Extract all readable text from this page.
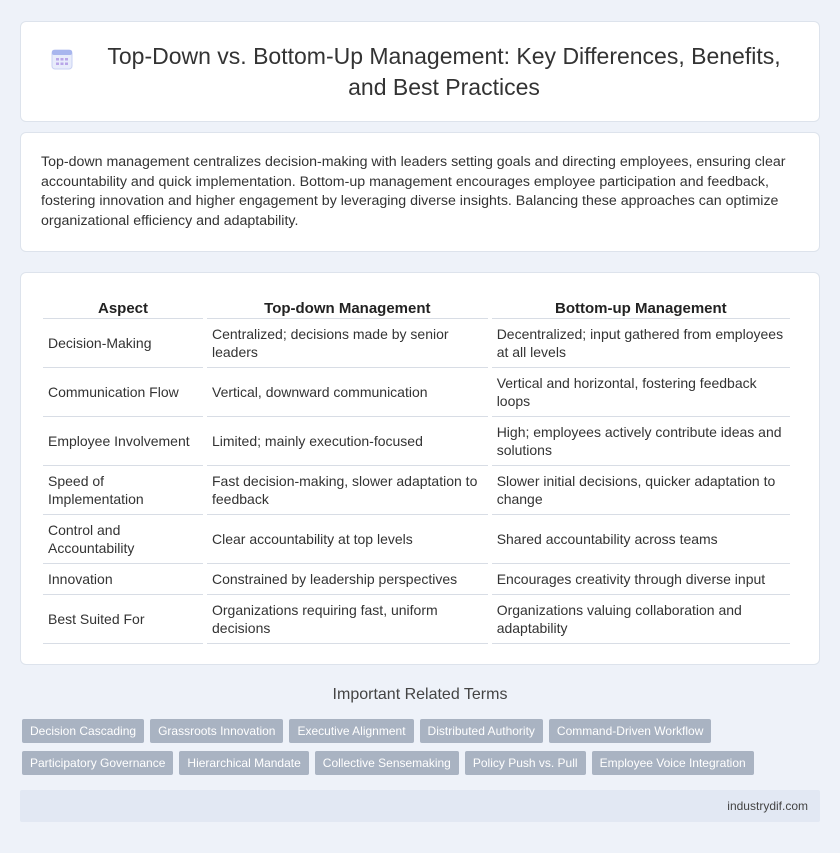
Top-Down vs. Bottom-Up Management: Key Differences, Benefits, and Best Practices

Top-down management centralizes decision-making with leaders setting goals and directing employees, ensuring clear accountability and quick implementation. Bottom-up management encourages employee participation and feedback, fostering innovation and higher engagement by leveraging diverse insights. Balancing these approaches can optimize organizational efficiency and adaptability.

Aspect	Top-down Management	Bottom-up Management
Decision-Making	Centralized; decisions made by senior leaders	Decentralized; input gathered from employees at all levels
Communication Flow	Vertical, downward communication	Vertical and horizontal, fostering feedback loops
Employee Involvement	Limited; mainly execution-focused	High; employees actively contribute ideas and solutions
Speed of Implementation	Fast decision-making, slower adaptation to feedback	Slower initial decisions, quicker adaptation to change
Control and Accountability	Clear accountability at top levels	Shared accountability across teams
Innovation	Constrained by leadership perspectives	Encourages creativity through diverse input
Best Suited For	Organizations requiring fast, uniform decisions	Organizations valuing collaboration and adaptability
Important Related Terms
Decision Cascading	Grassroots Innovation	Executive Alignment	Distributed Authority	Command-Driven Workflow
Participatory Governance	Hierarchical Mandate	Collective Sensemaking	Policy Push vs. Pull	Employee Voice Integration
industrydif.com
